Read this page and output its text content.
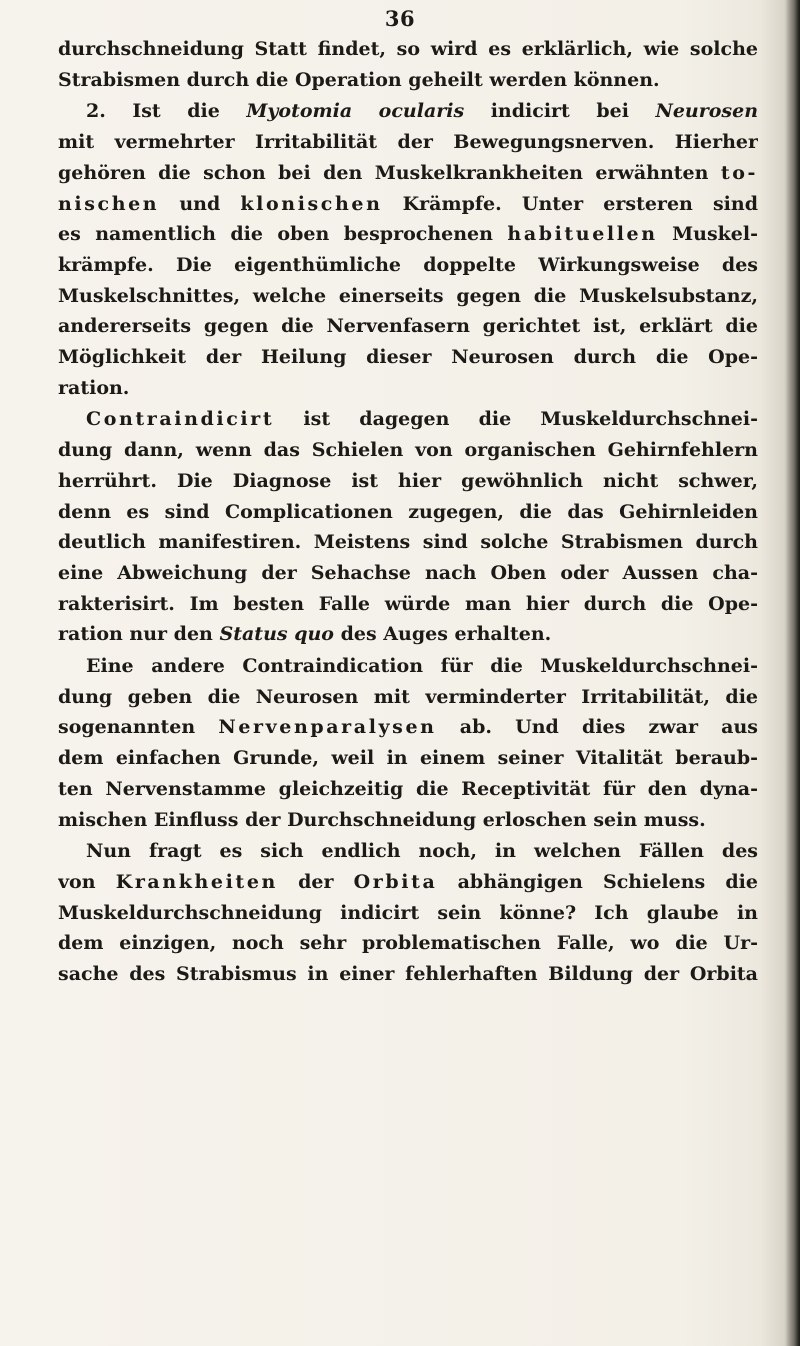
36

durchschneidung Statt findet, so wird es erklärlich, wie solche
Strabismen durch die Operation geheilt werden können.

2. Ist die Myotomia ocularis indicirt bei Neurosen
mit vermehrter Irritabilität der Bewegungsnerven. Hierher
gehören die schon bei den Muskelkrankheiten erwähnten to-
nischen und klonischen Krämpfe. Unter ersteren sind
es namentlich die oben besprochenen habituellen Muskel-
krämpfe. Die eigenthümliche doppelte Wirkungsweise des
Muskelschnittes, welche einerseits gegen die Muskelsubstanz,
andererseits gegen die Nervenfasern gerichtet ist, erklärt die
Möglichkeit der Heilung dieser Neurosen durch die Ope-
ration.

Contraindicirt ist dagegen die Muskeldurchschnei-
dung dann, wenn das Schielen von organischen Gehirnfehlern
herrührt. Die Diagnose ist hier gewöhnlich nicht schwer,
denn es sind Complicationen zugegen, die das Gehirnleiden
deutlich manifestiren. Meistens sind solche Strabismen durch
eine Abweichung der Sehachse nach Oben oder Aussen cha-
rakterisirt. Im besten Falle würde man hier durch die Ope-
ration nur den Status quo des Auges erhalten.

Eine andere Contraindication für die Muskeldurchschnei-
dung geben die Neurosen mit verminderter Irritabilität, die
sogenannten Nervenparalysen ab. Und dies zwar aus
dem einfachen Grunde, weil in einem seiner Vitalität beraub-
ten Nervenstamme gleichzeitig die Receptivität für den dyna-
mischen Einfluss der Durchschneidung erloschen sein muss.

Nun fragt es sich endlich noch, in welchen Fällen des
von Krankheiten der Orbita abhängigen Schielens die
Muskeldurchschneidung indicirt sein könne? Ich glaube in
dem einzigen, noch sehr problematischen Falle, wo die Ur-
sache des Strabismus in einer fehlerhaften Bildung der Orbita
